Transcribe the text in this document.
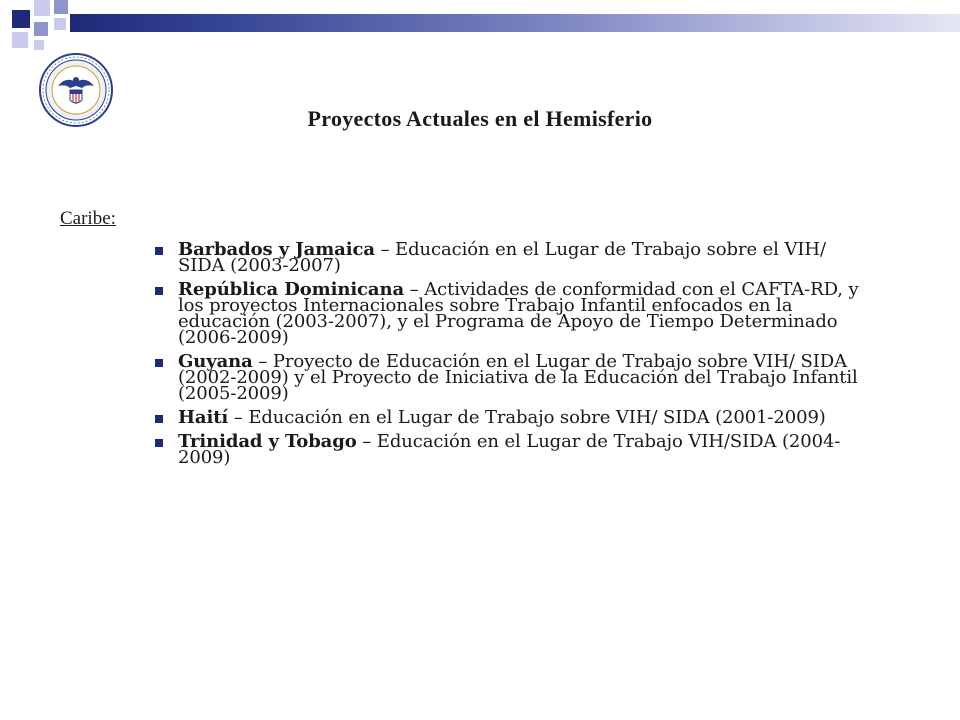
Proyectos Actuales en el Hemisferio
Caribe:
Barbados y Jamaica – Educación en el Lugar de Trabajo sobre el VIH/ SIDA (2003-2007)
República Dominicana – Actividades de conformidad con el CAFTA-RD, y los proyectos Internacionales sobre Trabajo Infantil enfocados en la educación (2003-2007), y el Programa de Apoyo de Tiempo Determinado (2006-2009)
Guyana – Proyecto de Educación en el Lugar de Trabajo sobre VIH/ SIDA (2002-2009) y el Proyecto de Iniciativa de la Educación del Trabajo Infantil (2005-2009)
Haití – Educación en el Lugar de Trabajo sobre VIH/ SIDA (2001-2009)
Trinidad y Tobago – Educación en el Lugar de Trabajo VIH/SIDA (2004-2009)
